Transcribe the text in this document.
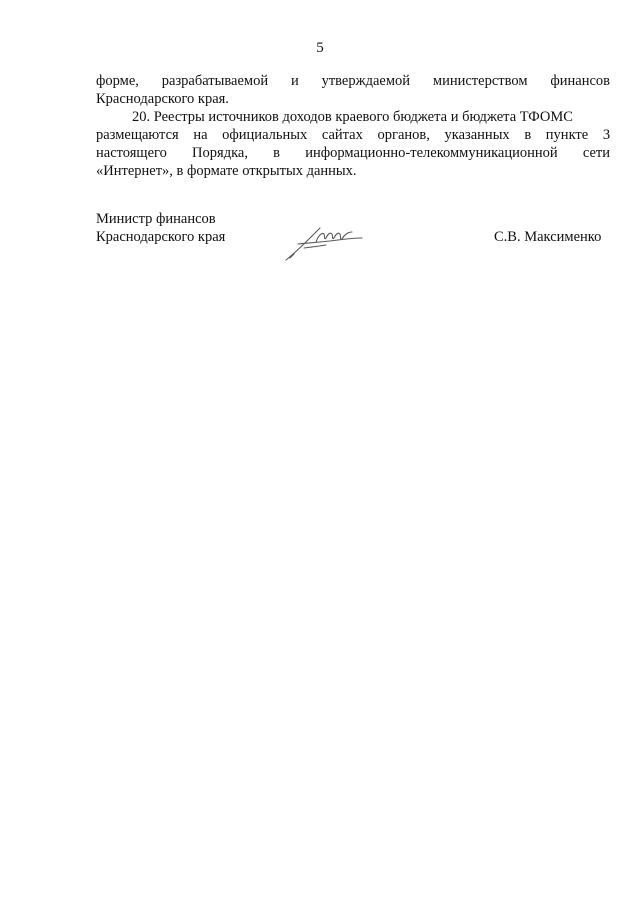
5
форме, разрабатываемой и утверждаемой министерством финансов
Краснодарского края.
20. Реестры источников доходов краевого бюджета и бюджета ТФОМС
размещаются на официальных сайтах органов, указанных в пункте 3
настоящего Порядка, в информационно-телекоммуникационной сети
«Интернет», в формате открытых данных.
Министр финансов
Краснодарского края	С.В. Максименко
